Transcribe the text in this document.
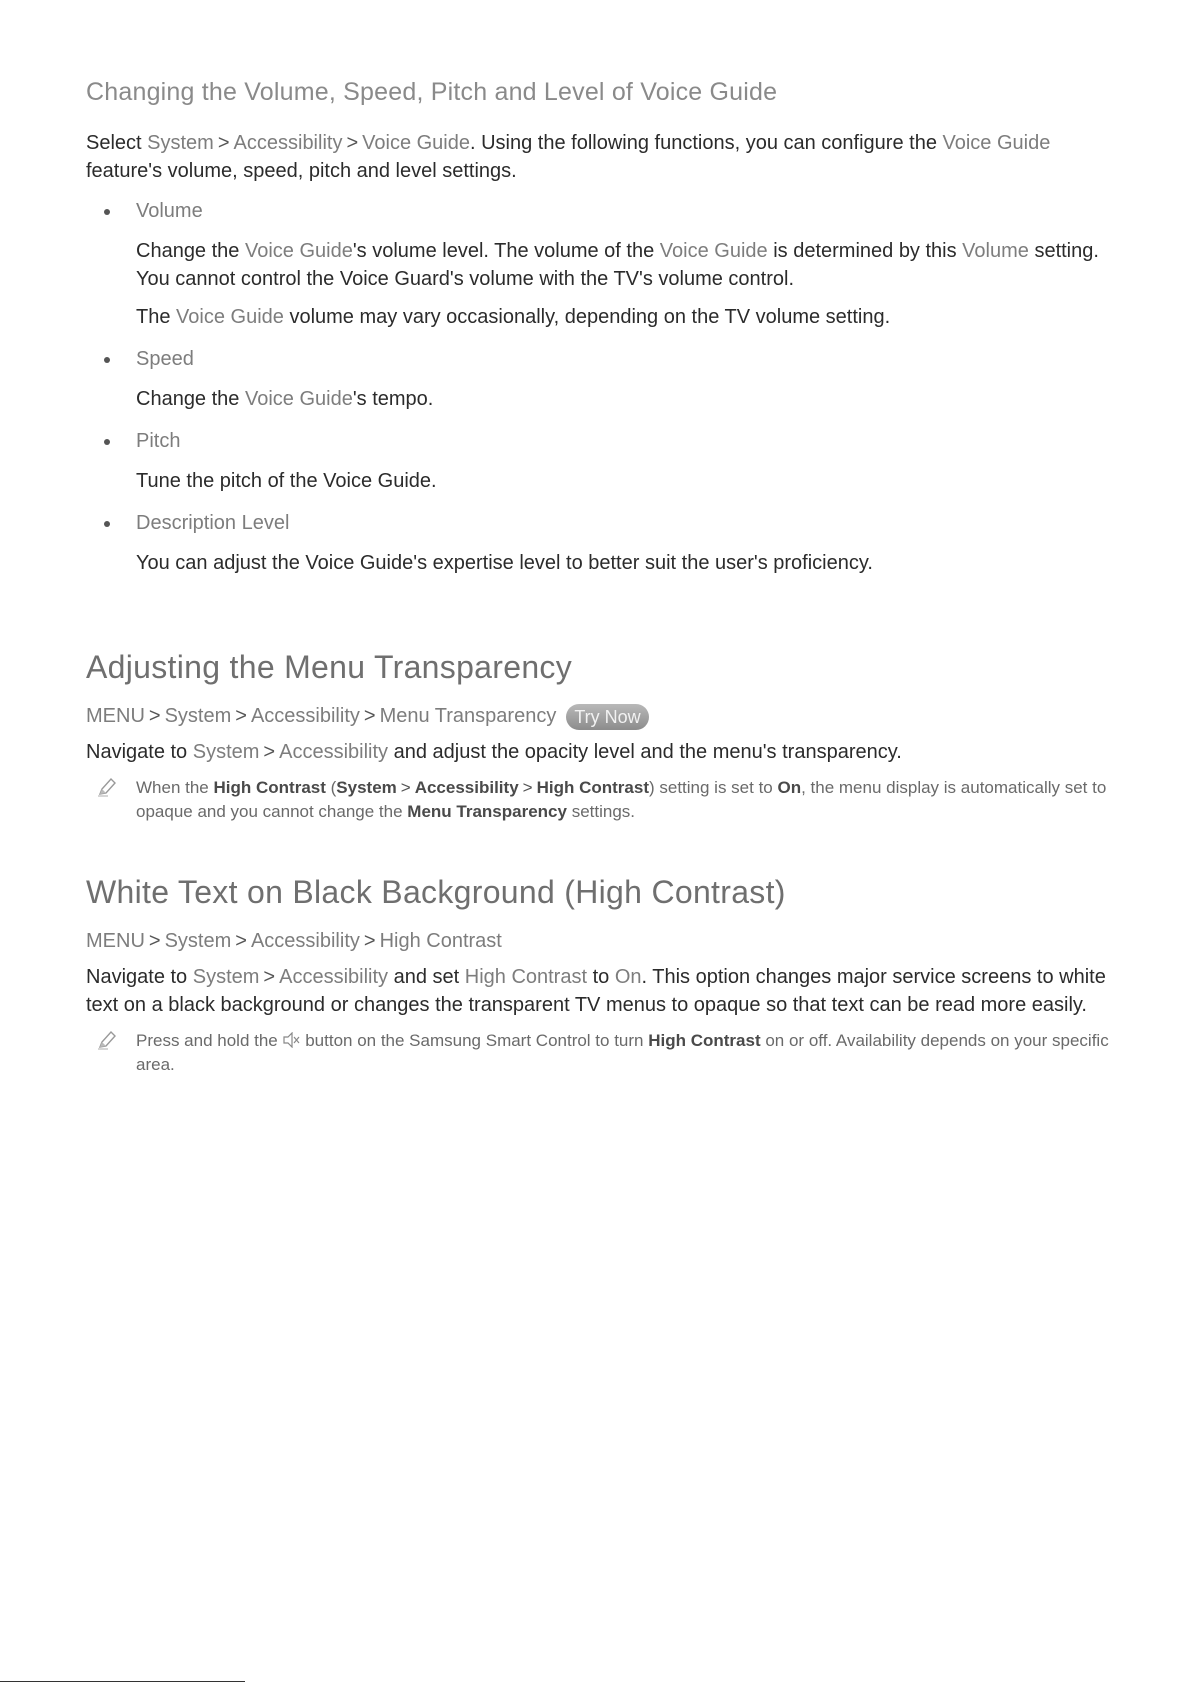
Changing the Volume, Speed, Pitch and Level of Voice Guide

Select System > Accessibility > Voice Guide. Using the following functions, you can configure the Voice Guide feature's volume, speed, pitch and level settings.

Volume
Change the Voice Guide's volume level. The volume of the Voice Guide is determined by this Volume setting. You cannot control the Voice Guard's volume with the TV's volume control.
The Voice Guide volume may vary occasionally, depending on the TV volume setting.
Speed
Change the Voice Guide's tempo.
Pitch
Tune the pitch of the Voice Guide.
Description Level
You can adjust the Voice Guide's expertise level to better suit the user's proficiency.
Adjusting the Menu Transparency
MENU > System > Accessibility > Menu Transparency Try Now

Navigate to System > Accessibility and adjust the opacity level and the menu's transparency.

When the High Contrast (System > Accessibility > High Contrast) setting is set to On, the menu display is automatically set to opaque and you cannot change the Menu Transparency settings.
White Text on Black Background (High Contrast)
MENU > System > Accessibility > High Contrast

Navigate to System > Accessibility and set High Contrast to On. This option changes major service screens to white text on a black background or changes the transparent TV menus to opaque so that text can be read more easily.

Press and hold the  button on the Samsung Smart Control to turn High Contrast on or off. Availability depends on your specific area.
